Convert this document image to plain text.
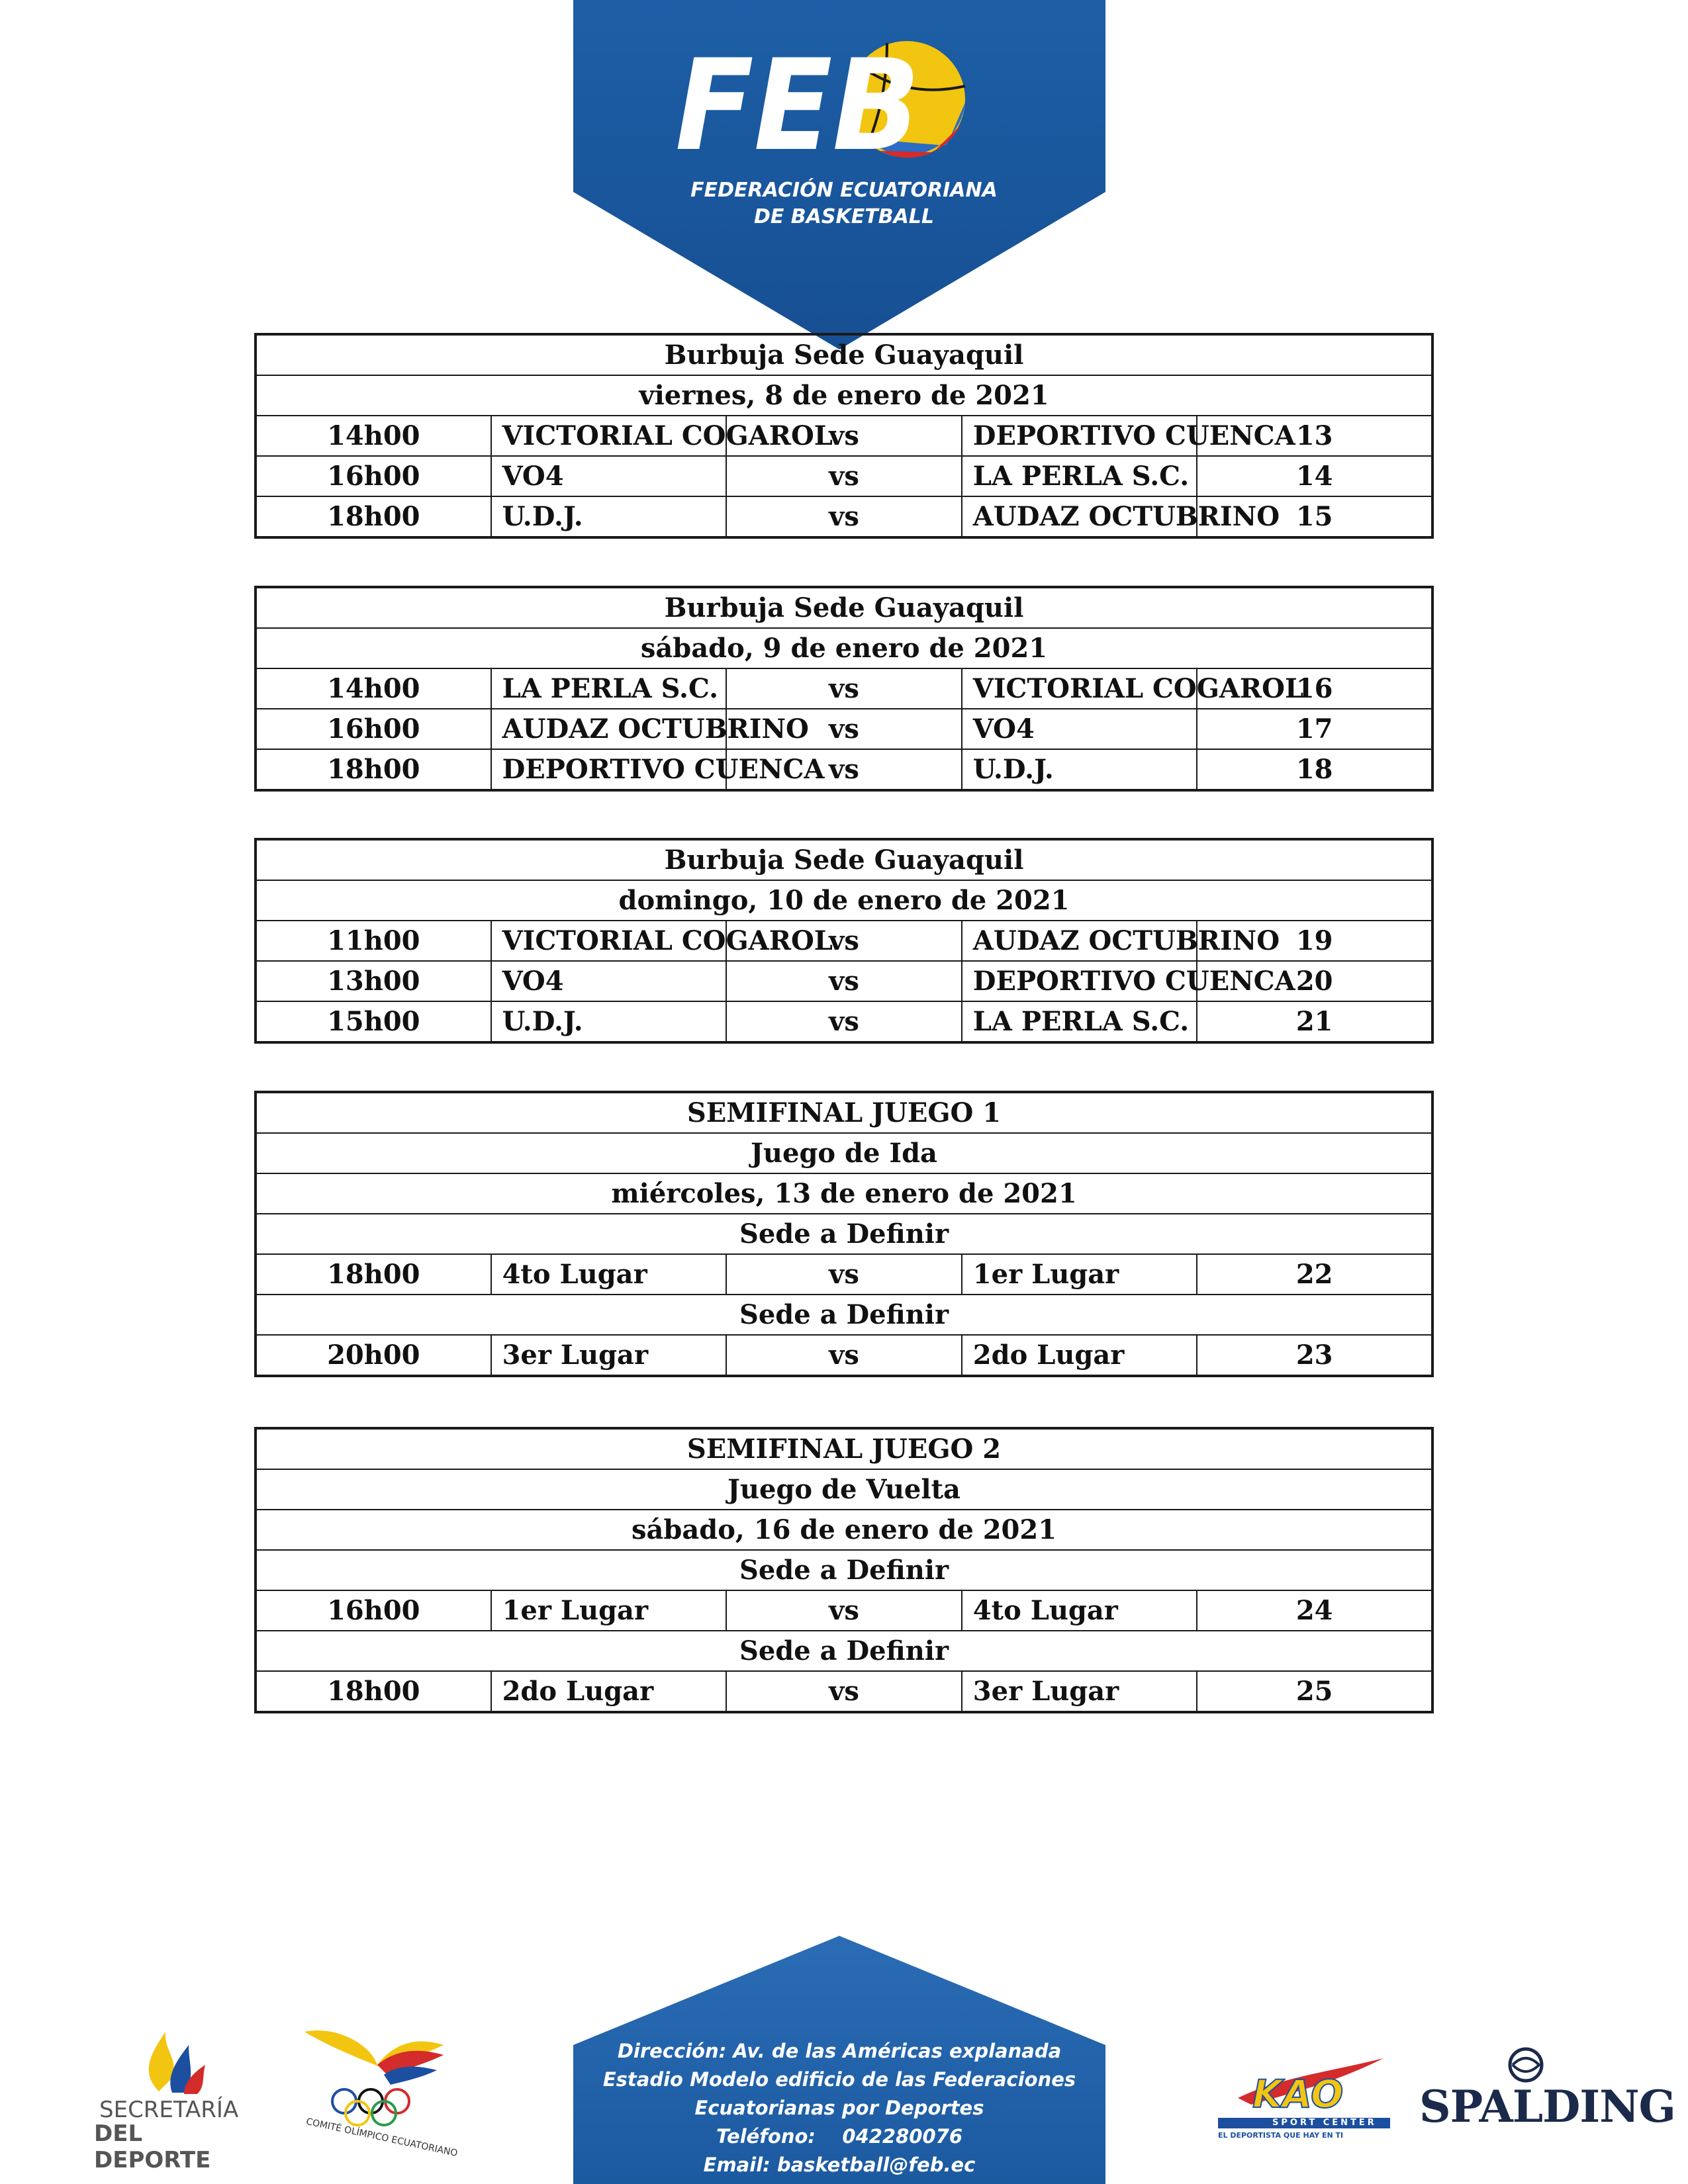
FEB
FEDERACIÓN ECUATORIANA
DE BASKETBALL
Burbuja Sede Guayaquil				
viernes, 8 de enero de 2021				
14h00	VICTORIAL COGAROL	vs	DEPORTIVO CUENCA	13
16h00	VO4	vs	LA PERLA S.C.	14
18h00	U.D.J.	vs	AUDAZ OCTUBRINO	15
Burbuja Sede Guayaquil				
sábado, 9 de enero de 2021				
14h00	LA PERLA S.C.	vs	VICTORIAL COGAROL	16
16h00	AUDAZ OCTUBRINO	vs	VO4	17
18h00	DEPORTIVO CUENCA	vs	U.D.J.	18
Burbuja Sede Guayaquil				
domingo, 10 de enero de 2021				
11h00	VICTORIAL COGAROL	vs	AUDAZ OCTUBRINO	19
13h00	VO4	vs	DEPORTIVO CUENCA	20
15h00	U.D.J.	vs	LA PERLA S.C.	21
SEMIFINAL JUEGO 1				
Juego de Ida				
miércoles, 13 de enero de 2021				
Sede a Definir				
18h00	4to Lugar	vs	1er Lugar	22
Sede a Definir				
20h00	3er Lugar	vs	2do Lugar	23
SEMIFINAL JUEGO 2				
Juego de Vuelta				
sábado, 16 de enero de 2021				
Sede a Definir				
16h00	1er Lugar	vs	4to Lugar	24
Sede a Definir				
18h00	2do Lugar	vs	3er Lugar	25
Dirección: Av. de las Américas explanada
Estadio Modelo edificio de las Federaciones
Ecuatorianas por Deportes
Teléfono:    042280076
Email: basketball@feb.ec
SECRETARÍA
DEL DEPORTE
COMITÉ OLÍMPICO ECUATORIANO
KAO
SPORT CENTER
EL DEPORTISTA QUE HAY EN TI
SPALDING
